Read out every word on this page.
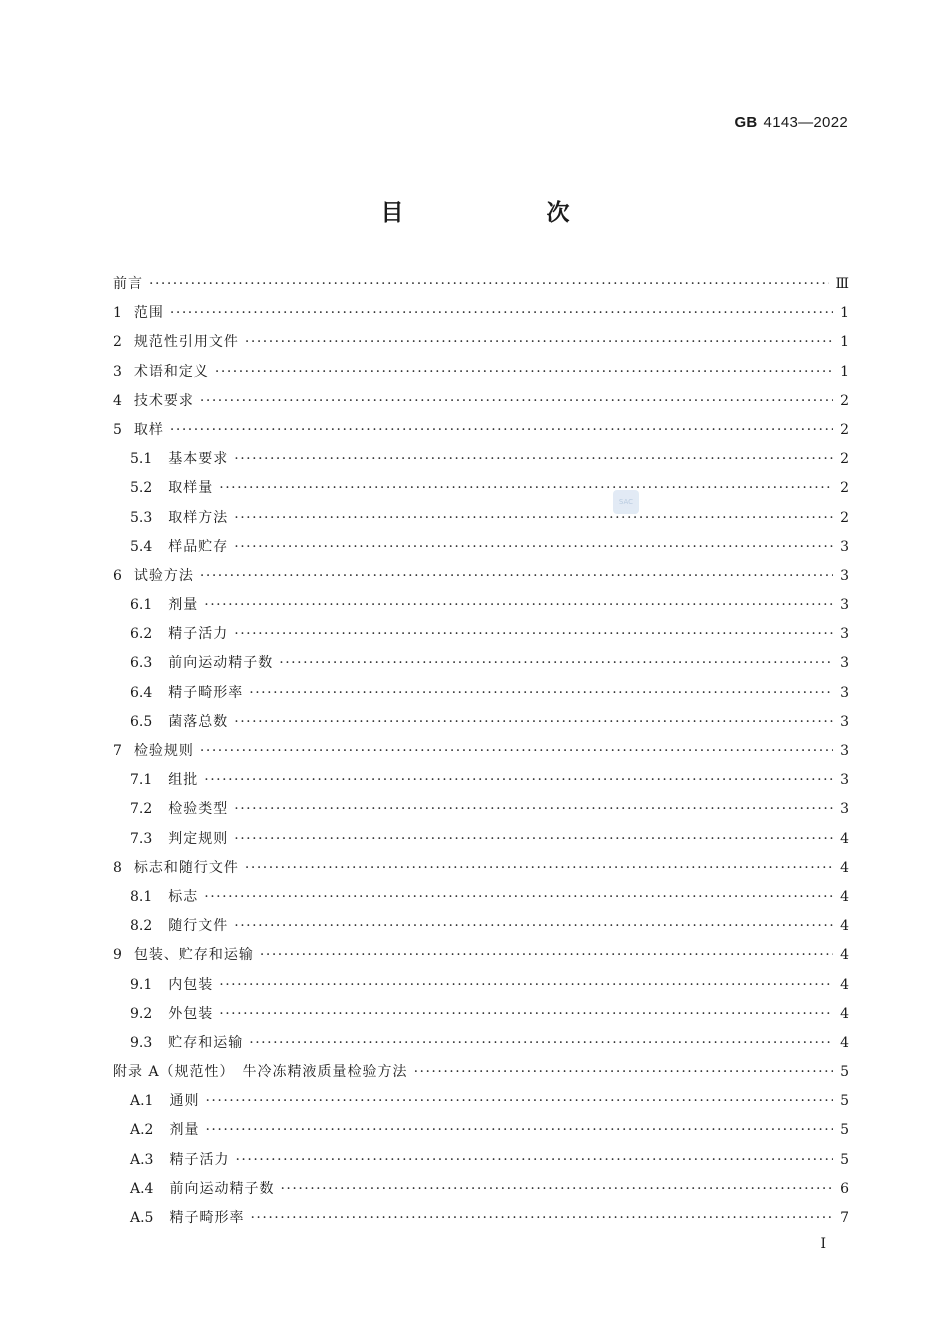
GB 4143—2022
目　次
SAC
前言 ·····	Ⅲ
1 范围 ·····	1
2 规范性引用文件 ·····	1
3 术语和定义 ·····	1
4 技术要求 ·····	2
5 取样 ·····	2
5.1 基本要求 ·····	2
5.2 取样量 ·····	2
5.3 取样方法 ·····	2
5.4 样品贮存 ·····	3
6 试验方法 ·····	3
6.1 剂量 ·····	3
6.2 精子活力 ·····	3
6.3 前向运动精子数 ·····	3
6.4 精子畸形率 ·····	3
6.5 菌落总数 ·····	3
7 检验规则 ·····	3
7.1 组批 ·····	3
7.2 检验类型 ·····	3
7.3 判定规则 ·····	4
8 标志和随行文件 ·····	4
8.1 标志 ·····	4
8.2 随行文件 ·····	4
9 包装、贮存和运输 ·····	4
9.1 内包装 ·····	4
9.2 外包装 ·····	4
9.3 贮存和运输 ·····	4
附录 A（规范性）　牛冷冻精液质量检验方法 ·····	5
A.1 通则 ·····	5
A.2 剂量 ·····	5
A.3 精子活力 ·····	5
A.4 前向运动精子数 ·····	6
A.5 精子畸形率 ·····	7
Ⅰ
